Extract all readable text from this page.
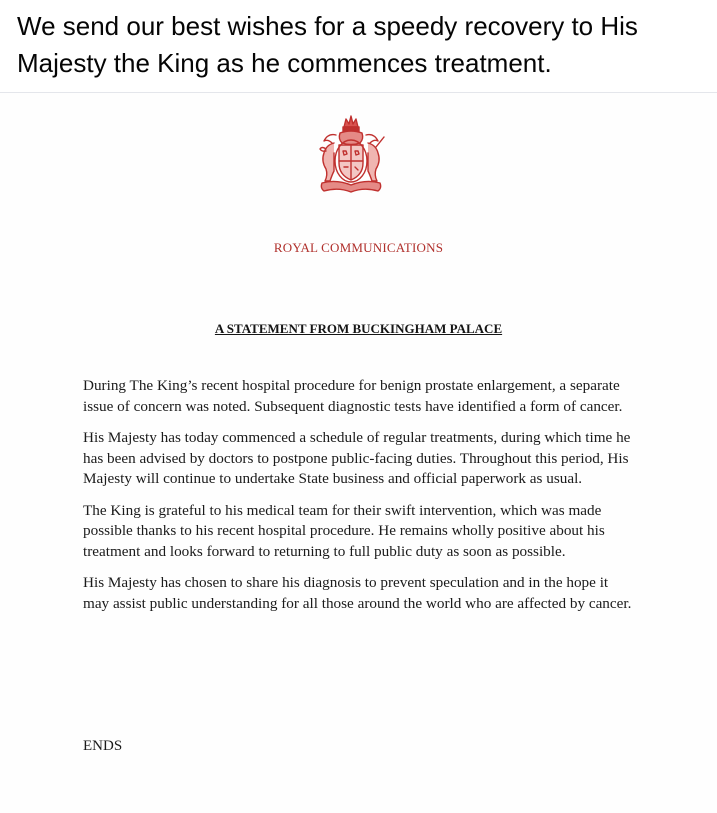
We send our best wishes for a speedy recovery to His Majesty the King as he commences treatment.

ROYAL COMMUNICATIONS
A STATEMENT FROM BUCKINGHAM PALACE

During The King’s recent hospital procedure for benign prostate enlargement, a separate issue of concern was noted. Subsequent diagnostic tests have identified a form of cancer.

His Majesty has today commenced a schedule of regular treatments, during which time he has been advised by doctors to postpone public-facing duties. Throughout this period, His Majesty will continue to undertake State business and official paperwork as usual.

The King is grateful to his medical team for their swift intervention, which was made possible thanks to his recent hospital procedure. He remains wholly positive about his treatment and looks forward to returning to full public duty as soon as possible.

His Majesty has chosen to share his diagnosis to prevent speculation and in the hope it may assist public understanding for all those around the world who are affected by cancer.

ENDS
